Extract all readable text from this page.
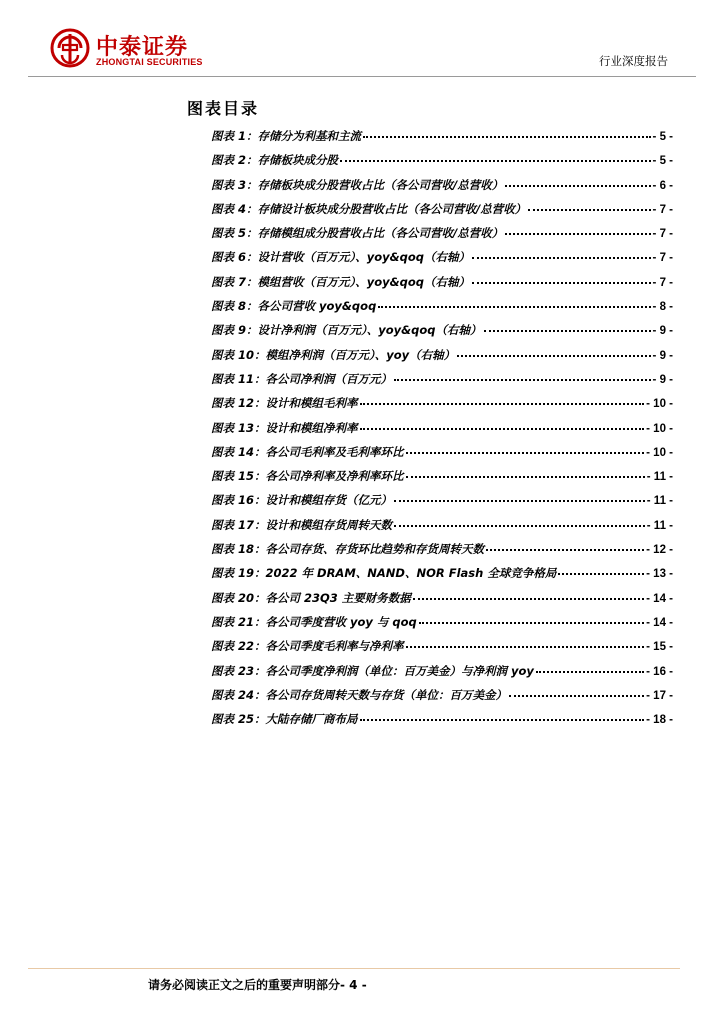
中泰证券
ZHONGTAI SECURITIES	行业深度报告
图表目录
图表 1：存储分为利基和主流	- 5 -
图表 2：存储板块成分股	- 5 -
图表 3：存储板块成分股营收占比（各公司营收/总营收）	- 6 -
图表 4：存储设计板块成分股营收占比（各公司营收/总营收）	- 7 -
图表 5：存储模组成分股营收占比（各公司营收/总营收）	- 7 -
图表 6：设计营收（百万元）、yoy&qoq（右轴）	- 7 -
图表 7：模组营收（百万元）、yoy&qoq（右轴）	- 7 -
图表 8：各公司营收 yoy&qoq	- 8 -
图表 9：设计净利润（百万元）、yoy&qoq（右轴）	- 9 -
图表 10：模组净利润（百万元）、yoy（右轴）	- 9 -
图表 11：各公司净利润（百万元）	- 9 -
图表 12：设计和模组毛利率	- 10 -
图表 13：设计和模组净利率	- 10 -
图表 14：各公司毛利率及毛利率环比	- 10 -
图表 15：各公司净利率及净利率环比	- 11 -
图表 16：设计和模组存货（亿元）	- 11 -
图表 17：设计和模组存货周转天数	- 11 -
图表 18：各公司存货、存货环比趋势和存货周转天数	- 12 -
图表 19：2022 年 DRAM、NAND、NOR Flash 全球竞争格局	- 13 -
图表 20：各公司 23Q3 主要财务数据	- 14 -
图表 21：各公司季度营收 yoy 与 qoq	- 14 -
图表 22：各公司季度毛利率与净利率	- 15 -
图表 23：各公司季度净利润（单位：百万美金）与净利润 yoy	- 16 -
图表 24：各公司存货周转天数与存货（单位：百万美金）	- 17 -
图表 25：大陆存储厂商布局	- 18 -
请务必阅读正文之后的重要声明部分- 4 -
